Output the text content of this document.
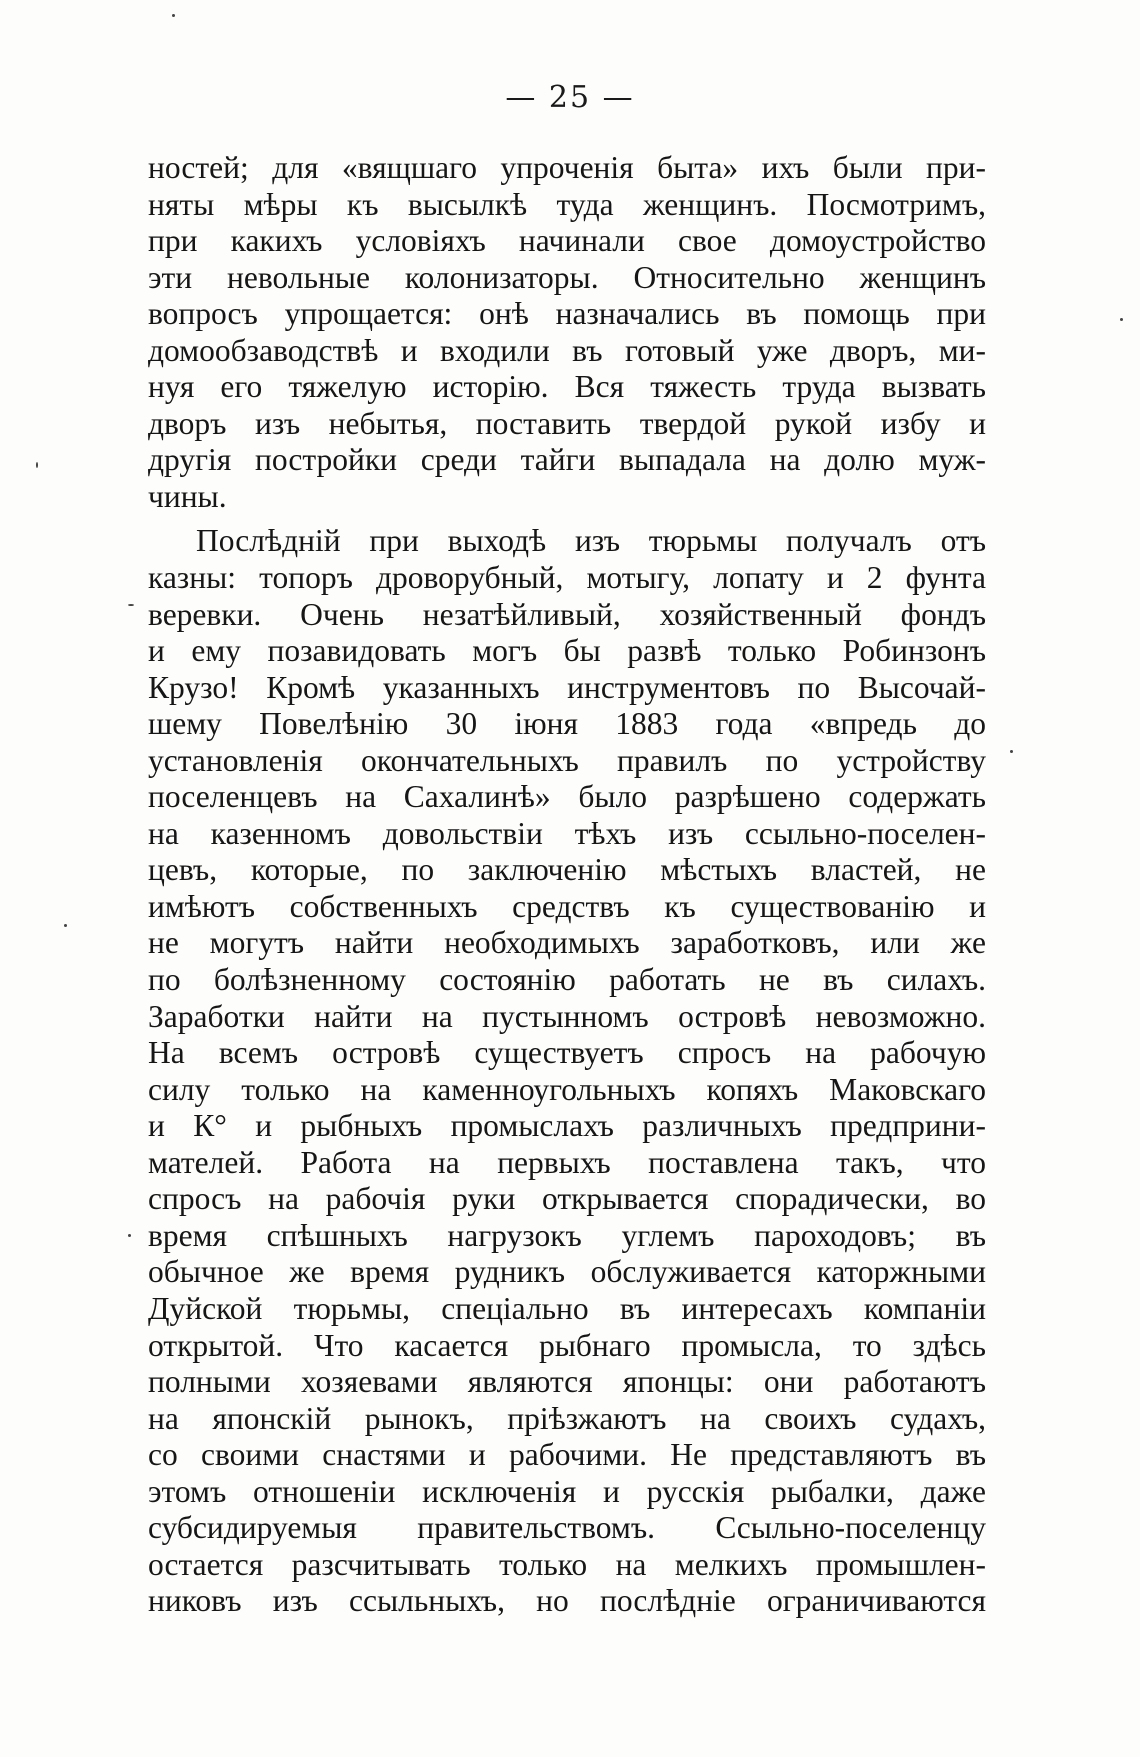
— 25 —
ностей; для «вящшаго упроченія быта» ихъ были при-
няты мѣры къ высылкѣ туда женщинъ. Посмотримъ,
при какихъ условіяхъ начинали свое домоустройство
эти невольные колонизаторы. Относительно женщинъ
вопросъ упрощается: онѣ назначались въ помощь при
домообзаводствѣ и входили въ готовый уже дворъ, ми-
нуя его тяжелую исторію. Вся тяжесть труда вызвать
дворъ изъ небытья, поставить твердой рукой избу и
другія постройки среди тайги выпадала на долю муж-
чины.
Послѣдній при выходѣ изъ тюрьмы получалъ отъ
казны: топоръ дроворубный, мотыгу, лопату и 2 фунта
веревки. Очень незатѣйливый, хозяйственный фондъ
и ему позавидовать могъ бы развѣ только Робинзонъ
Крузо! Кромѣ указанныхъ инструментовъ по Высочай-
шему Повелѣнію 30 іюня 1883 года «впредь до
установленія окончательныхъ правилъ по устройству
поселенцевъ на Сахалинѣ» было разрѣшено содержать
на казенномъ довольствіи тѣхъ изъ ссыльно-поселен-
цевъ, которые, по заключенію мѣстыхъ властей, не
имѣютъ собственныхъ средствъ къ существованію и
не могутъ найти необходимыхъ заработковъ, или же
по болѣзненному состоянію работать не въ силахъ.
Заработки найти на пустынномъ островѣ невозможно.
На всемъ островѣ существуетъ спросъ на рабочую
силу только на каменноугольныхъ копяхъ Маковскаго
и К° и рыбныхъ промыслахъ различныхъ предприни-
мателей. Работа на первыхъ поставлена такъ, что
спросъ на рабочія руки открывается спорадически, во
время спѣшныхъ нагрузокъ углемъ пароходовъ; въ
обычное же время рудникъ обслуживается каторжными
Дуйской тюрьмы, спеціально въ интересахъ компаніи
открытой. Что касается рыбнаго промысла, то здѣсь
полными хозяевами являются японцы: они работаютъ
на японскій рынокъ, пріѣзжаютъ на своихъ судахъ,
со своими снастями и рабочими. Не представляютъ въ
этомъ отношеніи исключенія и русскія рыбалки, даже
субсидируемыя правительствомъ. Ссыльно-поселенцу
остается разсчитывать только на мелкихъ промышлен-
никовъ изъ ссыльныхъ, но послѣдніе ограничиваются
